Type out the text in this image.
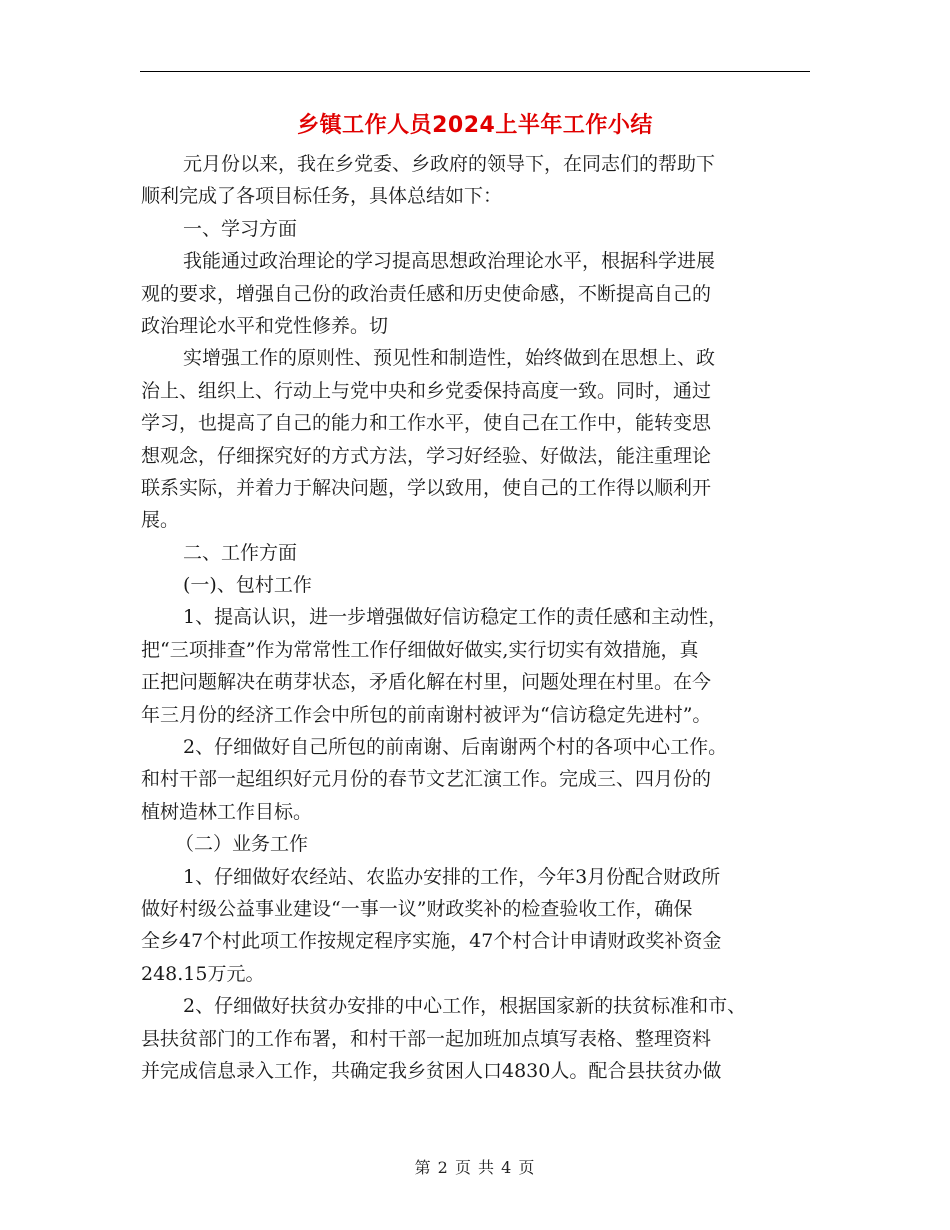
乡镇工作人员2024上半年工作小结
元月份以来，我在乡党委、乡政府的领导下，在同志们的帮助下
顺利完成了各项目标任务，具体总结如下：
一、学习方面
我能通过政治理论的学习提高思想政治理论水平，根据科学进展
观的要求，增强自己份的政治责任感和历史使命感，不断提高自己的
政治理论水平和党性修养。切
实增强工作的原则性、预见性和制造性，始终做到在思想上、政
治上、组织上、行动上与党中央和乡党委保持高度一致。同时，通过
学习，也提高了自己的能力和工作水平，使自己在工作中，能转变思
想观念，仔细探究好的方式方法，学习好经验、好做法，能注重理论
联系实际，并着力于解决问题，学以致用，使自己的工作得以顺利开
展。
二、工作方面
(一)、包村工作
1、提高认识，进一步增强做好信访稳定工作的责任感和主动性，
把“三项排查”作为常常性工作仔细做好做实,实行切实有效措施，真
正把问题解决在萌芽状态，矛盾化解在村里，问题处理在村里。在今
年三月份的经济工作会中所包的前南谢村被评为“信访稳定先进村”。
2、仔细做好自己所包的前南谢、后南谢两个村的各项中心工作。
和村干部一起组织好元月份的春节文艺汇演工作。完成三、四月份的
植树造林工作目标。
（二）业务工作
1、仔细做好农经站、农监办安排的工作，今年3月份配合财政所
做好村级公益事业建设“一事一议”财政奖补的检查验收工作，确保
全乡47个村此项工作按规定程序实施，47个村合计申请财政奖补资金
248.15万元。
2、仔细做好扶贫办安排的中心工作，根据国家新的扶贫标准和市、
县扶贫部门的工作布署，和村干部一起加班加点填写表格、整理资料
并完成信息录入工作，共确定我乡贫困人口4830人。配合县扶贫办做
第 2 页 共 4 页
